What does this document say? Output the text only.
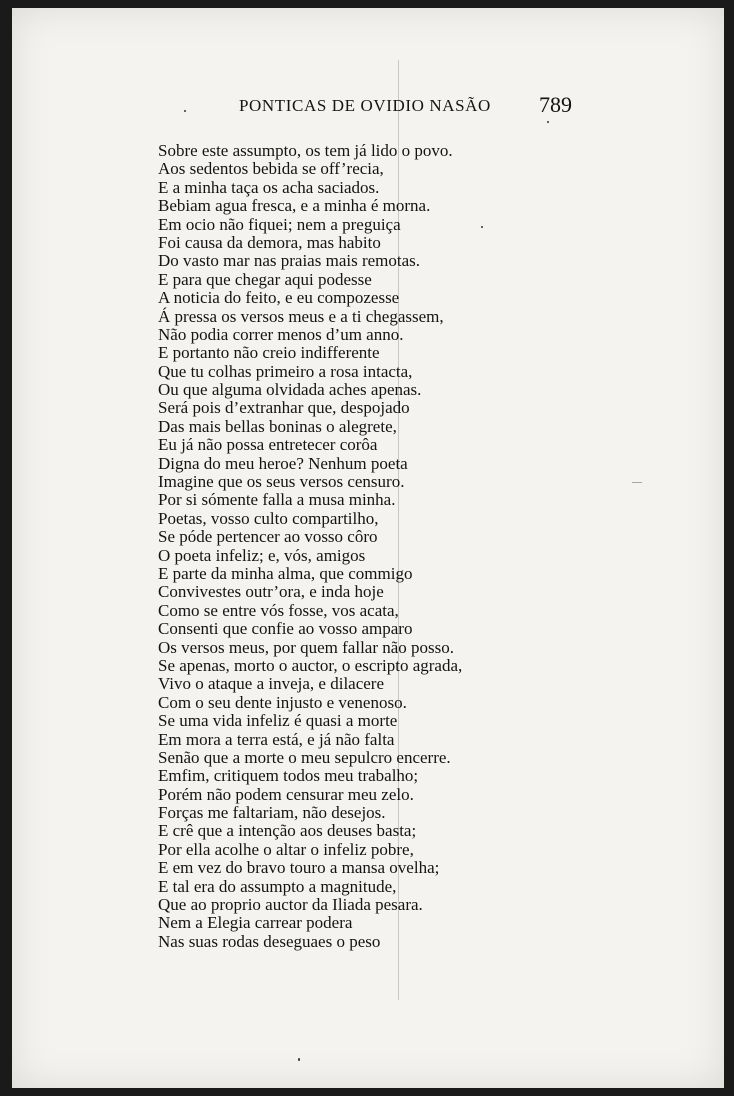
PONTICAS DE OVIDIO NASÃO 789
Sobre este assumpto, os tem já lido o povo.
Aos sedentos bebida se off’recia,
E a minha taça os acha saciados.
Bebiam agua fresca, e a minha é morna.
Em ocio não fiquei; nem a preguiça
Foi causa da demora, mas habito
Do vasto mar nas praias mais remotas.
E para que chegar aqui podesse
A noticia do feito, e eu compozesse
Á pressa os versos meus e a ti chegassem,
Não podia correr menos d’um anno.
E portanto não creio indifferente
Que tu colhas primeiro a rosa intacta,
Ou que alguma olvidada aches apenas.
Será pois d’extranhar que, despojado
Das mais bellas boninas o alegrete,
Eu já não possa entretecer corôa
Digna do meu heroe? Nenhum poeta
Imagine que os seus versos censuro.
Por si sómente falla a musa minha.
Poetas, vosso culto compartilho,
Se póde pertencer ao vosso côro
O poeta infeliz; e, vós, amigos
E parte da minha alma, que commigo
Convivestes outr’ora, e inda hoje
Como se entre vós fosse, vos acata,
Consenti que confie ao vosso amparo
Os versos meus, por quem fallar não posso.
Se apenas, morto o auctor, o escripto agrada,
Vivo o ataque a inveja, e dilacere
Com o seu dente injusto e venenoso.
Se uma vida infeliz é quasi a morte
Em mora a terra está, e já não falta
Senão que a morte o meu sepulcro encerre.
Emfim, critiquem todos meu trabalho;
Porém não podem censurar meu zelo.
Forças me faltariam, não desejos.
E crê que a intenção aos deuses basta;
Por ella acolhe o altar o infeliz pobre,
E em vez do bravo touro a mansa ovelha;
E tal era do assumpto a magnitude,
Que ao proprio auctor da Iliada pesara.
Nem a Elegia carrear podera
Nas suas rodas deseguaes o peso
